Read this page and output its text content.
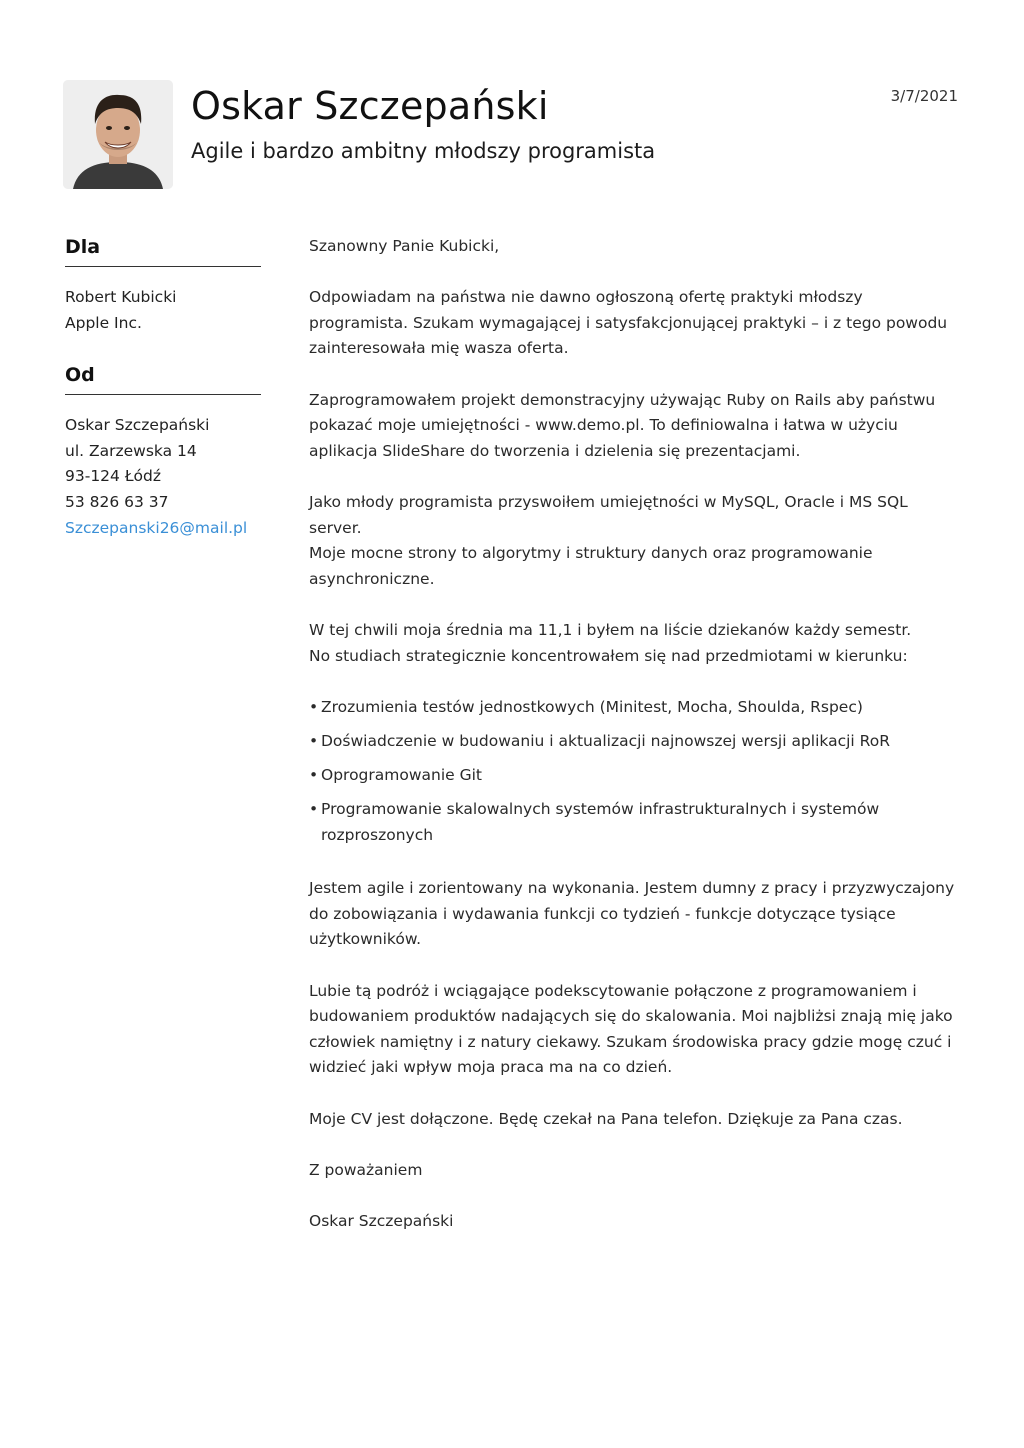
Oskar Szczepański
Agile i bardzo ambitny młodszy programista
3/7/2021
Dla
Robert Kubicki
Apple Inc.
Od
Oskar Szczepański
ul. Zarzewska 14
93-124 Łódź
53 826 63 37
Szczepanski26@mail.pl

Szanowny Panie Kubicki,

Odpowiadam na państwa nie dawno ogłoszoną ofertę praktyki młodszy programista. Szukam wymagającej i satysfakcjonującej praktyki – i z tego powodu zainteresowała mię wasza oferta.

Zaprogramowałem projekt demonstracyjny używając Ruby on Rails aby państwu pokazać moje umiejętności - www.demo.pl. To definiowalna i łatwa w użyciu aplikacja SlideShare do tworzenia i dzielenia się prezentacjami.

Jako młody programista przyswoiłem umiejętności w MySQL, Oracle i MS SQL server.
Moje mocne strony to algorytmy i struktury danych oraz programowanie asynchroniczne.

W tej chwili moja średnia ma 11,1 i byłem na liście dziekanów każdy semestr.
No studiach strategicznie koncentrowałem się nad przedmiotami w kierunku:

• Zrozumienia testów jednostkowych (Minitest, Mocha, Shoulda, Rspec)
• Doświadczenie w budowaniu i aktualizacji najnowszej wersji aplikacji RoR
• Oprogramowanie Git
• Programowanie skalowalnych systemów infrastrukturalnych i systemów rozproszonych

Jestem agile i zorientowany na wykonania. Jestem dumny z pracy i przyzwyczajony do zobowiązania i wydawania funkcji co tydzień - funkcje dotyczące tysiące użytkowników.

Lubie tą podróż i wciągające podekscytowanie połączone z programowaniem i budowaniem produktów nadających się do skalowania. Moi najbliżsi znają mię jako człowiek namiętny i z natury ciekawy. Szukam środowiska pracy gdzie mogę czuć i widzieć jaki wpływ moja praca ma na co dzień.

Moje CV jest dołączone. Będę czekał na Pana telefon. Dziękuje za Pana czas.

Z poważaniem

Oskar Szczepański
